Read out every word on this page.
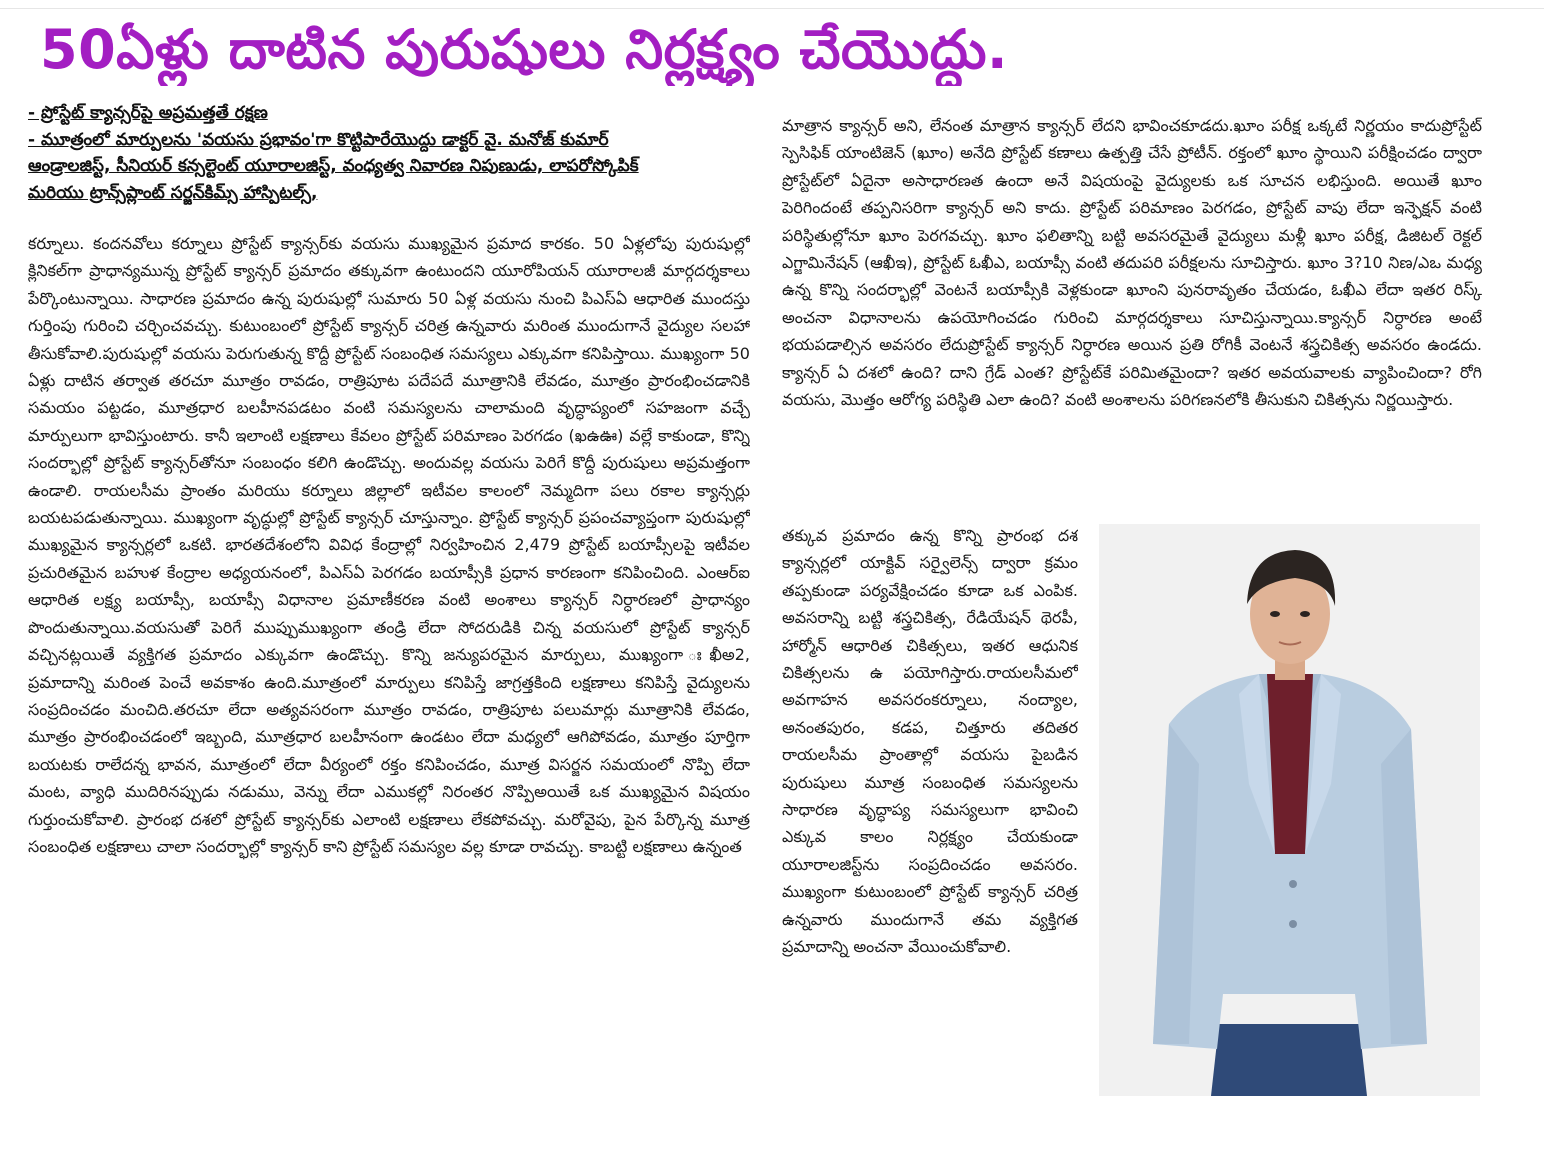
50ఏళ్లు దాటిన పురుషులు నిర్లక్ష్యం చేయొద్దు.
- ప్రోస్టేట్ క్యాన్సర్‌పై అప్రమత్తతే రక్షణ
- మూత్రంలో మార్పులను 'వయసు ప్రభావం'గా కొట్టిపారేయొద్దు డాక్టర్ వై. మనోజ్ కుమార్
ఆండ్రాలజిస్ట్, సీనియర్ కన్సల్టెంట్ యూరాలజిస్ట్, వంధ్యత్వ నివారణ నిపుణుడు, లాపరోస్కోపిక్
మరియు ట్రాన్స్‌ప్లాంట్ సర్జన్‌కిమ్స్ హాస్పిటల్స్,

కర్నూలు. కందనవోలు కర్నూలు ప్రోస్టేట్ క్యాన్సర్‌కు వయసు ముఖ్యమైన ప్రమాద కారకం. 50 ఏళ్లలోపు పురుషుల్లో క్లినికల్‌గా ప్రాధాన్యమున్న ప్రోస్టేట్ క్యాన్సర్ ప్రమాదం తక్కువగా ఉంటుందని యూరోపియన్ యూరాలజీ మార్గదర్శకాలు పేర్కొంటున్నాయి. సాధారణ ప్రమాదం ఉన్న పురుషుల్లో సుమారు 50 ఏళ్ల వయసు నుంచి పిఎస్ఏ ఆధారిత ముందస్తు గుర్తింపు గురించి చర్చించవచ్చు. కుటుంబంలో ప్రోస్టేట్ క్యాన్సర్ చరిత్ర ఉన్నవారు మరింత ముందుగానే వైద్యుల సలహా తీసుకోవాలి.పురుషుల్లో వయసు పెరుగుతున్న కొద్దీ ప్రోస్టేట్ సంబంధిత సమస్యలు ఎక్కువగా కనిపిస్తాయి. ముఖ్యంగా 50 ఏళ్లు దాటిన తర్వాత తరచూ మూత్రం రావడం, రాత్రిపూట పదేపదే మూత్రానికి లేవడం, మూత్రం ప్రారంభించడానికి సమయం పట్టడం, మూత్రధార బలహీనపడటం వంటి సమస్యలను చాలామంది వృద్ధాప్యంలో సహజంగా వచ్చే మార్పులుగా భావిస్తుంటారు. కానీ ఇలాంటి లక్షణాలు కేవలం ప్రోస్టేట్ పరిమాణం పెరగడం (ఖఉఊ) వల్లే కాకుండా, కొన్ని సందర్భాల్లో ప్రోస్టేట్ క్యాన్సర్‌తోనూ సంబంధం కలిగి ఉండొచ్చు. అందువల్ల వయసు పెరిగే కొద్దీ పురుషులు అప్రమత్తంగా ఉండాలి. రాయలసీమ ప్రాంతం మరియు కర్నూలు జిల్లాలో ఇటీవల కాలంలో నెమ్మదిగా పలు రకాల క్యాన్సర్లు బయటపడుతున్నాయి. ముఖ్యంగా వృద్ధుల్లో ప్రోస్టేట్ క్యాన్సర్ చూస్తున్నాం. ప్రోస్టేట్ క్యాన్సర్ ప్రపంచవ్యాప్తంగా పురుషుల్లో ముఖ్యమైన క్యాన్సర్లలో ఒకటి. భారతదేశంలోని వివిధ కేంద్రాల్లో నిర్వహించిన 2,479 ప్రోస్టేట్ బయాప్సీలపై ఇటీవల ప్రచురితమైన బహుళ కేంద్రాల అధ్యయనంలో, పిఎస్ఏ పెరగడం బయాప్సీకి ప్రధాన కారణంగా కనిపించింది. ఎంఆర్ఐ ఆధారిత లక్ష్య బయాప్సీ, బయాప్సీ విధానాల ప్రమాణీకరణ వంటి అంశాలు క్యాన్సర్ నిర్ధారణలో ప్రాధాన్యం పొందుతున్నాయి.వయసుతో పెరిగే ముప్పుముఖ్యంగా తండ్రి లేదా సోదరుడికి చిన్న వయసులో ప్రోస్టేట్ క్యాన్సర్ వచ్చినట్లయితే వ్యక్తిగత ప్రమాదం ఎక్కువగా ఉండొచ్చు. కొన్ని జన్యుపరమైన మార్పులు, ముఖ్యంగా ఃఖీఅ2, ప్రమాదాన్ని మరింత పెంచే అవకాశం ఉంది.మూత్రంలో మార్పులు కనిపిస్తే జాగ్రత్తకింది లక్షణాలు కనిపిస్తే వైద్యులను సంప్రదించడం మంచిది.తరచూ లేదా అత్యవసరంగా మూత్రం రావడం, రాత్రిపూట పలుమార్లు మూత్రానికి లేవడం, మూత్రం ప్రారంభించడంలో ఇబ్బంది, మూత్రధార బలహీనంగా ఉండటం లేదా మధ్యలో ఆగిపోవడం, మూత్రం పూర్తిగా బయటకు రాలేదన్న భావన, మూత్రంలో లేదా వీర్యంలో రక్తం కనిపించడం, మూత్ర విసర్జన సమయంలో నొప్పి లేదా మంట, వ్యాధి ముదిరినప్పుడు నడుము, వెన్ను లేదా ఎముకల్లో నిరంతర నొప్పిఅయితే ఒక ముఖ్యమైన విషయం గుర్తుంచుకోవాలి. ప్రారంభ దశలో ప్రోస్టేట్ క్యాన్సర్‌కు ఎలాంటి లక్షణాలు లేకపోవచ్చు. మరోవైపు, పైన పేర్కొన్న మూత్ర సంబంధిత లక్షణాలు చాలా సందర్భాల్లో క్యాన్సర్ కాని ప్రోస్టేట్ సమస్యల వల్ల కూడా రావచ్చు. కాబట్టి లక్షణాలు ఉన్నంత

మాత్రాన క్యాన్సర్ అని, లేనంత మాత్రాన క్యాన్సర్ లేదని భావించకూడదు.ఖూం పరీక్ష ఒక్కటే నిర్ణయం కాదుప్రోస్టేట్ స్పెసిఫిక్ యాంటిజెన్ (ఖూం) అనేది ప్రోస్టేట్ కణాలు ఉత్పత్తి చేసే ప్రోటీన్. రక్తంలో ఖూం స్థాయిని పరీక్షించడం ద్వారా ప్రోస్టేట్‌లో ఏదైనా అసాధారణత ఉందా అనే విషయంపై వైద్యులకు ఒక సూచన లభిస్తుంది. అయితే ఖూం పెరిగిందంటే తప్పనిసరిగా క్యాన్సర్ అని కాదు. ప్రోస్టేట్ పరిమాణం పెరగడం, ప్రోస్టేట్ వాపు లేదా ఇన్ఫెక్షన్ వంటి పరిస్థితుల్లోనూ ఖూం పెరగవచ్చు. ఖూం ఫలితాన్ని బట్టి అవసరమైతే వైద్యులు మళ్లీ ఖూం పరీక్ష, డిజిటల్ రెక్టల్ ఎగ్జామినేషన్ (ఆఖీఇ), ప్రోస్టేట్ ఓఖీఎ, బయాప్సీ వంటి తదుపరి పరీక్షలను సూచిస్తారు. ఖూం 3?10 నిణ/ఎఒ మధ్య ఉన్న కొన్ని సందర్భాల్లో వెంటనే బయాప్సీకి వెళ్లకుండా ఖూంని పునరావృతం చేయడం, ఓఖీఎ లేదా ఇతర రిస్క్ అంచనా విధానాలను ఉపయోగించడం గురించి మార్గదర్శకాలు సూచిస్తున్నాయి.క్యాన్సర్ నిర్ధారణ అంటే భయపడాల్సిన అవసరం లేదుప్రోస్టేట్ క్యాన్సర్ నిర్ధారణ అయిన ప్రతి రోగికీ వెంటనే శస్త్రచికిత్స అవసరం ఉండదు. క్యాన్సర్ ఏ దశలో ఉంది? దాని గ్రేడ్ ఎంత? ప్రోస్టేట్‌కే పరిమితమైందా? ఇతర అవయవాలకు వ్యాపించిందా? రోగి వయసు, మొత్తం ఆరోగ్య పరిస్థితి ఎలా ఉంది? వంటి అంశాలను పరిగణనలోకి తీసుకుని చికిత్సను నిర్ణయిస్తారు.

తక్కువ ప్రమాదం ఉన్న కొన్ని ప్రారంభ దశ క్యాన్సర్లలో యాక్టివ్ సర్వైలెన్స్ ద్వారా క్రమం తప్పకుండా పర్యవేక్షించడం కూడా ఒక ఎంపిక. అవసరాన్ని బట్టి శస్త్రచికిత్స, రేడియేషన్ థెరపీ, హార్మోన్ ఆధారిత చికిత్సలు, ఇతర ఆధునిక చికిత్సలను ఉ పయోగిస్తారు.రాయలసీమలో అవగాహన అవసరంకర్నూలు, నంద్యాల, అనంతపురం, కడప, చిత్తూరు తదితర రాయలసీమ ప్రాంతాల్లో వయసు పైబడిన పురుషులు మూత్ర సంబంధిత సమస్యలను సాధారణ వృద్ధాప్య సమస్యలుగా భావించి ఎక్కువ కాలం నిర్లక్ష్యం చేయకుండా యూరాలజిస్ట్‌ను సంప్రదించడం అవసరం. ముఖ్యంగా కుటుంబంలో ప్రోస్టేట్ క్యాన్సర్ చరిత్ర ఉన్నవారు ముందుగానే తమ వ్యక్తిగత ప్రమాదాన్ని అంచనా వేయించుకోవాలి.
